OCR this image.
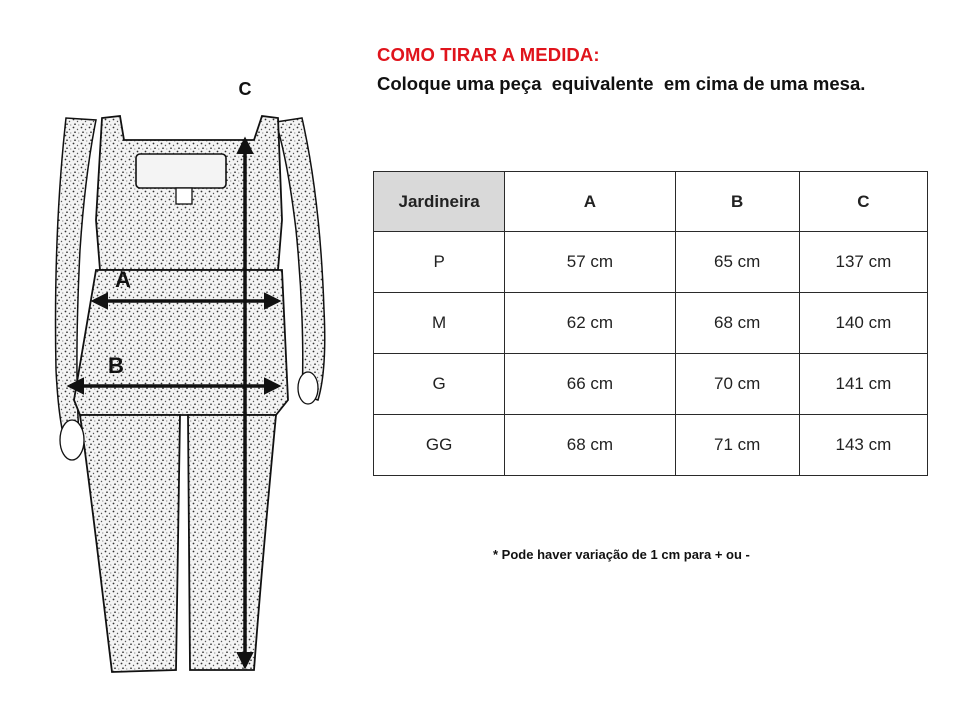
C
A
B
COMO TIRAR A MEDIDA:
Coloque uma peça  equivalente  em cima de uma mesa.
Jardineira	A	B	C
P	57 cm	65 cm	137 cm
M	62 cm	68 cm	140 cm
G	66 cm	70 cm	141 cm
GG	68 cm	71 cm	143 cm
* Pode haver variação de 1 cm para + ou -
